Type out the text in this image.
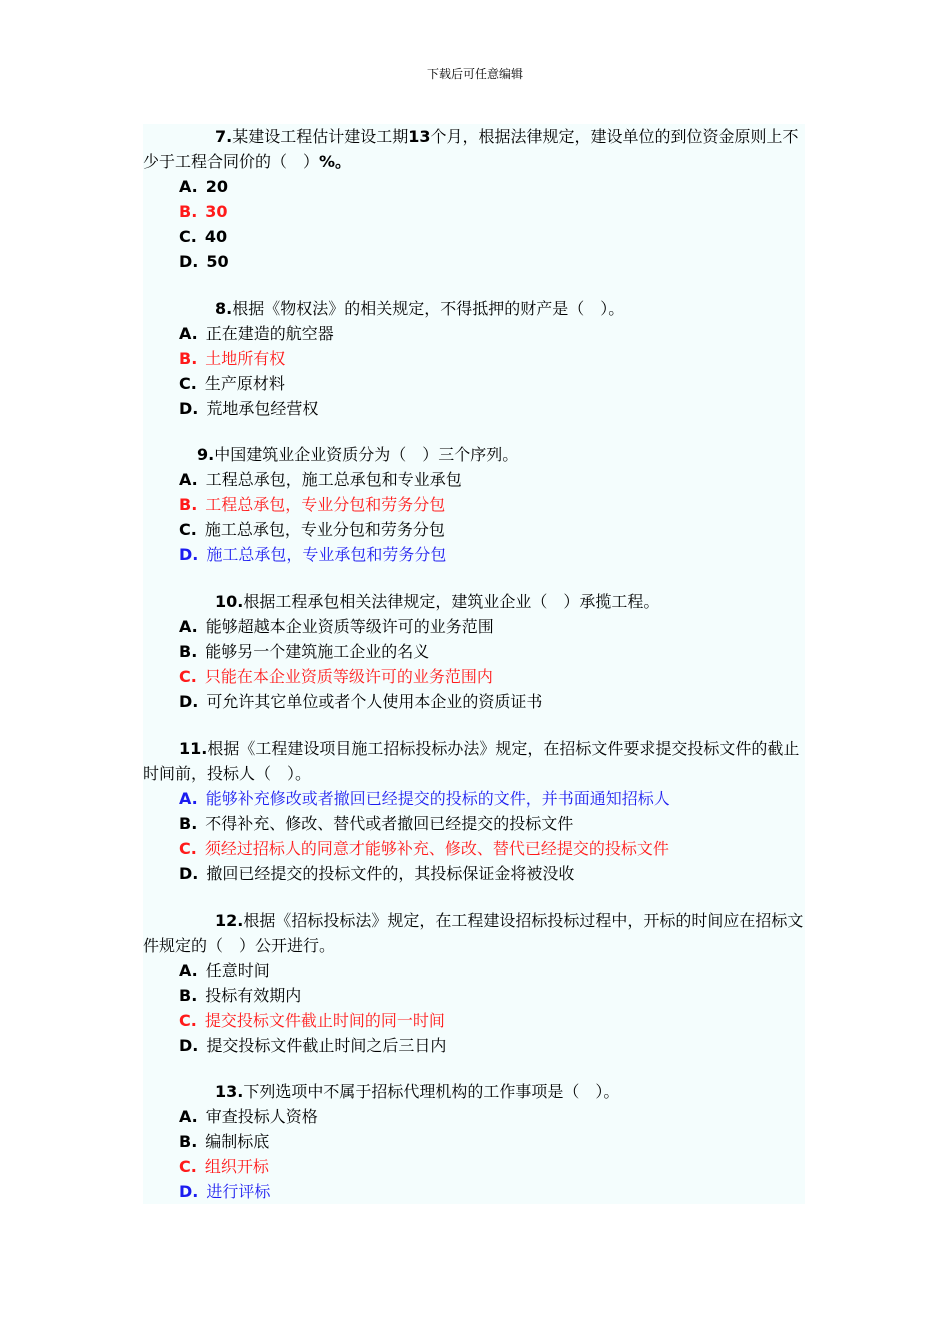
下载后可任意编辑

7.某建设工程估计建设工期13个月，根据法律规定，建设单位的到位资金原则上不少于工程合同价的（　）%。

A. 20

B. 30

C. 40

D. 50

8.根据《物权法》的相关规定，不得抵押的财产是（　）。

A. 正在建造的航空器

B. 土地所有权

C. 生产原材料

D. 荒地承包经营权

9.中国建筑业企业资质分为（　）三个序列。

A. 工程总承包，施工总承包和专业承包

B. 工程总承包，专业分包和劳务分包

C. 施工总承包，专业分包和劳务分包

D. 施工总承包，专业承包和劳务分包

10.根据工程承包相关法律规定，建筑业企业（　）承揽工程。

A. 能够超越本企业资质等级许可的业务范围

B. 能够另一个建筑施工企业的名义

C. 只能在本企业资质等级许可的业务范围内

D. 可允许其它单位或者个人使用本企业的资质证书

11.根据《工程建设项目施工招标投标办法》规定，在招标文件要求提交投标文件的截止时间前，投标人（　）。

A. 能够补充修改或者撤回已经提交的投标的文件，并书面通知招标人

B. 不得补充、修改、替代或者撤回已经提交的投标文件

C. 须经过招标人的同意才能够补充、修改、替代已经提交的投标文件

D. 撤回已经提交的投标文件的，其投标保证金将被没收

12.根据《招标投标法》规定，在工程建设招标投标过程中，开标的时间应在招标文件规定的（　）公开进行。

A. 任意时间

B. 投标有效期内

C. 提交投标文件截止时间的同一时间

D. 提交投标文件截止时间之后三日内

13.下列选项中不属于招标代理机构的工作事项是（　）。

A. 审查投标人资格

B. 编制标底

C. 组织开标

D. 进行评标
